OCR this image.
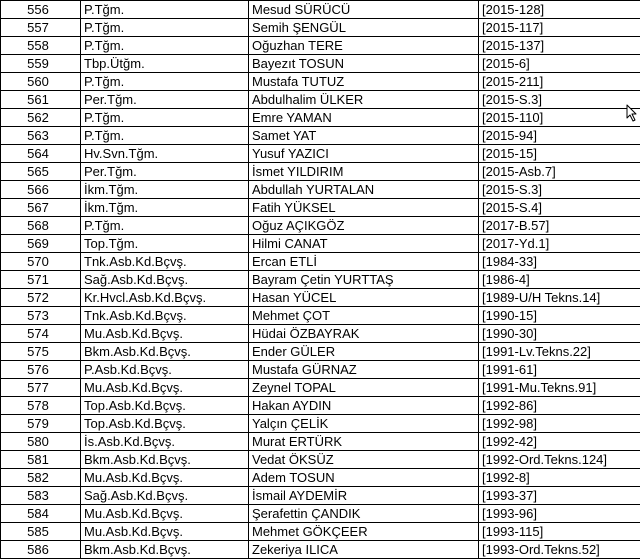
556	P.Tğm.	Mesud SÜRÜCÜ	[2015-128]
557	P.Tğm.	Semih ŞENGÜL	[2015-117]
558	P.Tğm.	Oğuzhan TERE	[2015-137]
559	Tbp.Ütğm.	Bayezıt TOSUN	[2015-6]
560	P.Tğm.	Mustafa TUTUZ	[2015-211]
561	Per.Tğm.	Abdulhalim ÜLKER	[2015-S.3]
562	P.Tğm.	Emre YAMAN	[2015-110]
563	P.Tğm.	Samet YAT	[2015-94]
564	Hv.Svn.Tğm.	Yusuf YAZICI	[2015-15]
565	Per.Tğm.	İsmet YILDIRIM	[2015-Asb.7]
566	İkm.Tğm.	Abdullah YURTALAN	[2015-S.3]
567	İkm.Tğm.	Fatih YÜKSEL	[2015-S.4]
568	P.Tğm.	Oğuz AÇIKGÖZ	[2017-B.57]
569	Top.Tğm.	Hilmi CANAT	[2017-Yd.1]
570	Tnk.Asb.Kd.Bçvş.	Ercan ETLİ	[1984-33]
571	Sağ.Asb.Kd.Bçvş.	Bayram Çetin YURTTAŞ	[1986-4]
572	Kr.Hvcl.Asb.Kd.Bçvş.	Hasan YÜCEL	[1989-U/H Tekns.14]
573	Tnk.Asb.Kd.Bçvş.	Mehmet ÇOT	[1990-15]
574	Mu.Asb.Kd.Bçvş.	Hüdai ÖZBAYRAK	[1990-30]
575	Bkm.Asb.Kd.Bçvş.	Ender GÜLER	[1991-Lv.Tekns.22]
576	P.Asb.Kd.Bçvş.	Mustafa GÜRNAZ	[1991-61]
577	Mu.Asb.Kd.Bçvş.	Zeynel TOPAL	[1991-Mu.Tekns.91]
578	Top.Asb.Kd.Bçvş.	Hakan AYDIN	[1992-86]
579	Top.Asb.Kd.Bçvş.	Yalçın ÇELİK	[1992-98]
580	İs.Asb.Kd.Bçvş.	Murat ERTÜRK	[1992-42]
581	Bkm.Asb.Kd.Bçvş.	Vedat ÖKSÜZ	[1992-Ord.Tekns.124]
582	Mu.Asb.Kd.Bçvş.	Adem TOSUN	[1992-8]
583	Sağ.Asb.Kd.Bçvş.	İsmail AYDEMİR	[1993-37]
584	Mu.Asb.Kd.Bçvş.	Şerafettin ÇANDIK	[1993-96]
585	Mu.Asb.Kd.Bçvş.	Mehmet GÖKÇEER	[1993-115]
586	Bkm.Asb.Kd.Bçvş.	Zekeriya ILICA	[1993-Ord.Tekns.52]
